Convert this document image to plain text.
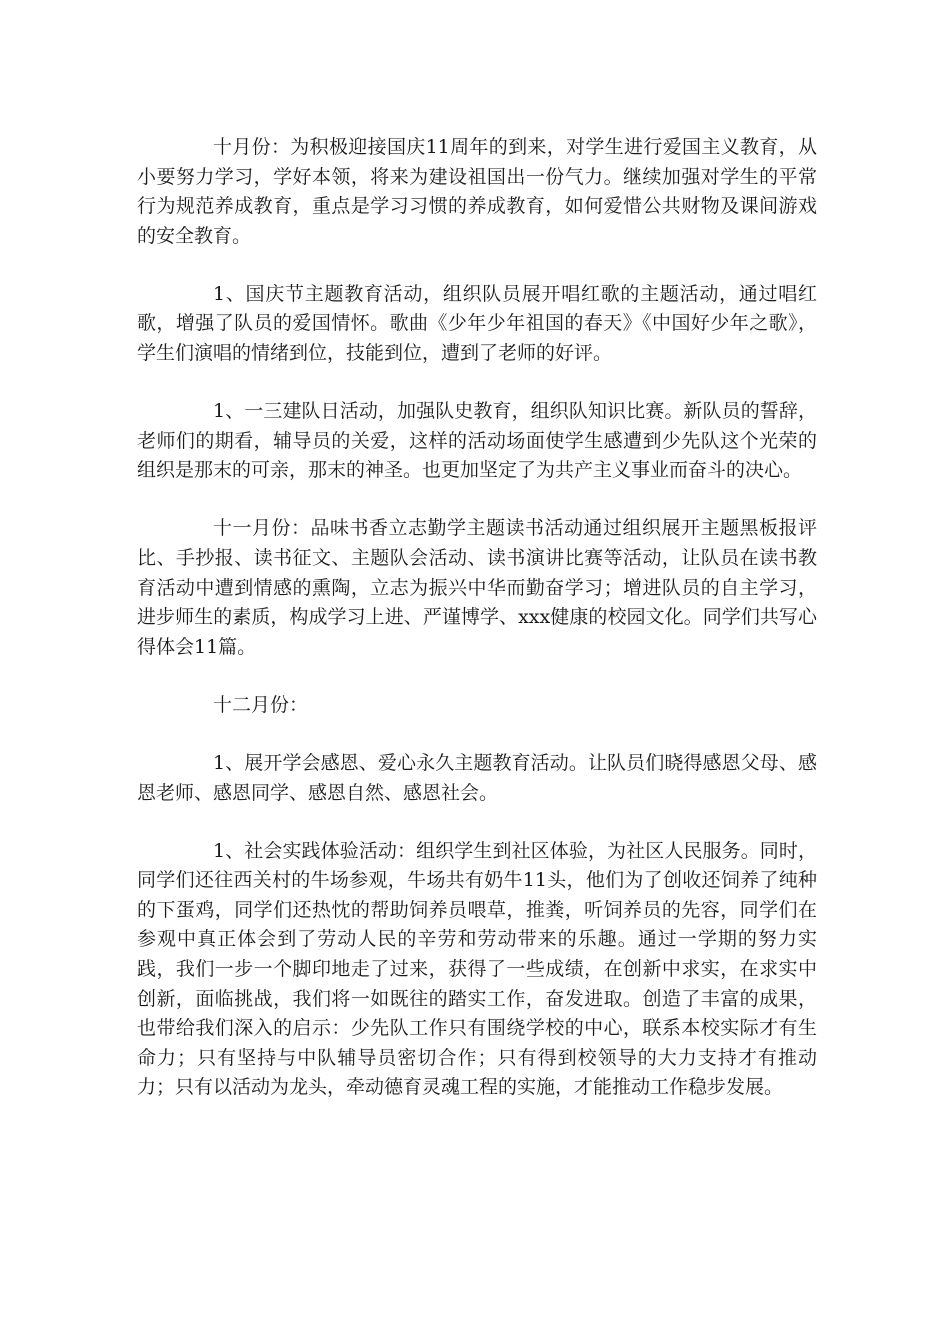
十月份：为积极迎接国庆11周年的到来，对学生进行爱国主义教育，从小要努力学习，学好本领，将来为建设祖国出一份气力。继续加强对学生的平常行为规范养成教育，重点是学习习惯的养成教育，如何爱惜公共财物及课间游戏的安全教育。

1、国庆节主题教育活动，组织队员展开唱红歌的主题活动，通过唱红歌，增强了队员的爱国情怀。歌曲《少年少年祖国的春天》《中国好少年之歌》，学生们演唱的情绪到位，技能到位，遭到了老师的好评。

1、一三建队日活动，加强队史教育，组织队知识比赛。新队员的誓辞，老师们的期看，辅导员的关爱，这样的活动场面使学生感遭到少先队这个光荣的组织是那末的可亲，那末的神圣。也更加坚定了为共产主义事业而奋斗的决心。

十一月份：品味书香立志勤学主题读书活动通过组织展开主题黑板报评比、手抄报、读书征文、主题队会活动、读书演讲比赛等活动，让队员在读书教育活动中遭到情感的熏陶，立志为振兴中华而勤奋学习；增进队员的自主学习，进步师生的素质，构成学习上进、严谨博学、xxx健康的校园文化。同学们共写心得体会11篇。

十二月份：

1、展开学会感恩、爱心永久主题教育活动。让队员们晓得感恩父母、感恩老师、感恩同学、感恩自然、感恩社会。

1、社会实践体验活动：组织学生到社区体验，为社区人民服务。同时，同学们还往西关村的牛场参观，牛场共有奶牛11头，他们为了创收还饲养了纯种的下蛋鸡，同学们还热忱的帮助饲养员喂草，推粪，听饲养员的先容，同学们在参观中真正体会到了劳动人民的辛劳和劳动带来的乐趣。通过一学期的努力实践，我们一步一个脚印地走了过来，获得了一些成绩，在创新中求实，在求实中创新，面临挑战，我们将一如既往的踏实工作，奋发进取。创造了丰富的成果，也带给我们深入的启示：少先队工作只有围绕学校的中心，联系本校实际才有生命力；只有坚持与中队辅导员密切合作；只有得到校领导的大力支持才有推动力；只有以活动为龙头，牵动德育灵魂工程的实施，才能推动工作稳步发展。
